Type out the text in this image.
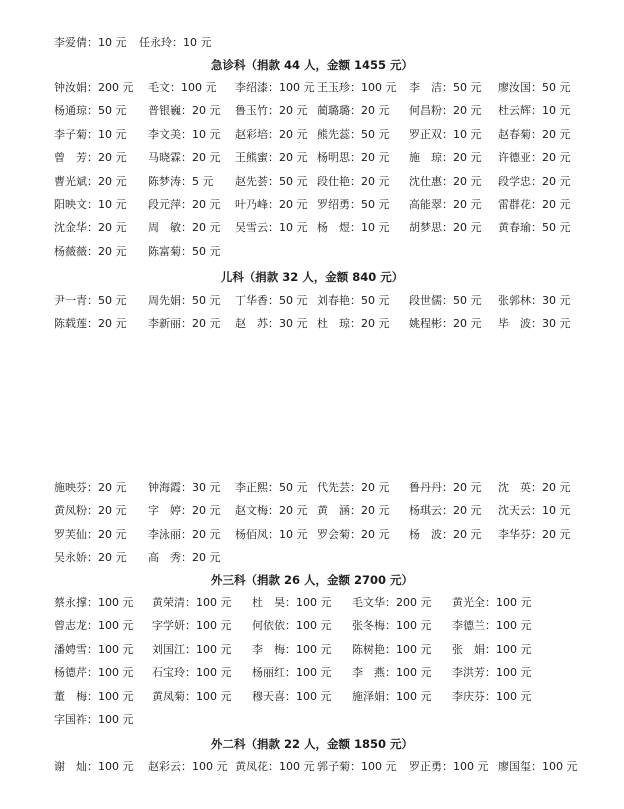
李爱倩：10 元 任永玲：10 元
急诊科（捐款 44 人，金额 1455 元）
钟汝娟：200 元 毛文：100 元 李绍漆：100 元 王玉珍：100 元 李　洁：50 元 廖汝国：50 元
杨通琼：50 元 普银巍：20 元 鲁玉竹：20 元 蔺璐璐：20 元 何昌粉：20 元 杜云辉：10 元
李子菊：10 元 李文美：10 元 赵彩培：20 元 熊先蕊：50 元 罗正双：10 元 赵春菊：20 元
曾　芳：20 元 马晓霖：20 元 王熊蜜：20 元 杨明思：20 元 施　琼：20 元 许德亚：20 元
曹光斌：20 元 陈梦涛：5 元 赵先荟：50 元 段仕艳：20 元 沈仕惠：20 元 段学忠：20 元
阳映文：10 元 段元萍：20 元 叶乃峰：20 元 罗绍勇：50 元 高能翠：20 元 雷群花：20 元
沈金华：20 元 周　敏：20 元 吴雪云：10 元 杨　煜：10 元 胡梦思：20 元 黄春瑜：50 元
杨薇薇：20 元 陈富菊：50 元
儿科（捐款 32 人，金额 840 元）
尹一青：50 元 周先娟：50 元 丁华香：50 元 刘春艳：50 元 段世儒：50 元 张郭林：30 元
陈载莲：20 元 李新丽：20 元 赵　苏：30 元 杜　琼：20 元 姚程彬：20 元 毕　波：30 元
施映芬：20 元 钟海霞：30 元 李正熙：50 元 代先芸：20 元 鲁丹丹：20 元 沈　英：20 元
黄凤粉：20 元 字　婷：20 元 赵文梅：20 元 黄　涵：20 元 杨琪云：20 元 沈天云：10 元
罗芙仙：20 元 李泳丽：20 元 杨佰凤：10 元 罗会菊：20 元 杨　波：20 元 李华芬：20 元
吴永娇：20 元 高　秀：20 元
外三科（捐款 26 人，金额 2700 元）
蔡永撑：100 元 黄荣清：100 元 杜　昊：100 元 毛文华：200 元 黄光全：100 元
曾志龙：100 元 字学妍：100 元 何依依：100 元 张冬梅：100 元 李德兰：100 元
潘娉雪：100 元 刘国江：100 元 李　梅：100 元 陈树艳：100 元 张　娟：100 元
杨德芹：100 元 石宝玲：100 元 杨丽红：100 元 李　燕：100 元 李洪芳：100 元
董　梅：100 元 黄凤菊：100 元 穆天喜：100 元 施泽娟：100 元 李庆芬：100 元
字国祚：100 元
外二科（捐款 22 人，金额 1850 元）
谢　灿：100 元 赵彩云：100 元 黄凤花：100 元 郭子菊：100 元 罗正勇：100 元 廖国玺：100 元
